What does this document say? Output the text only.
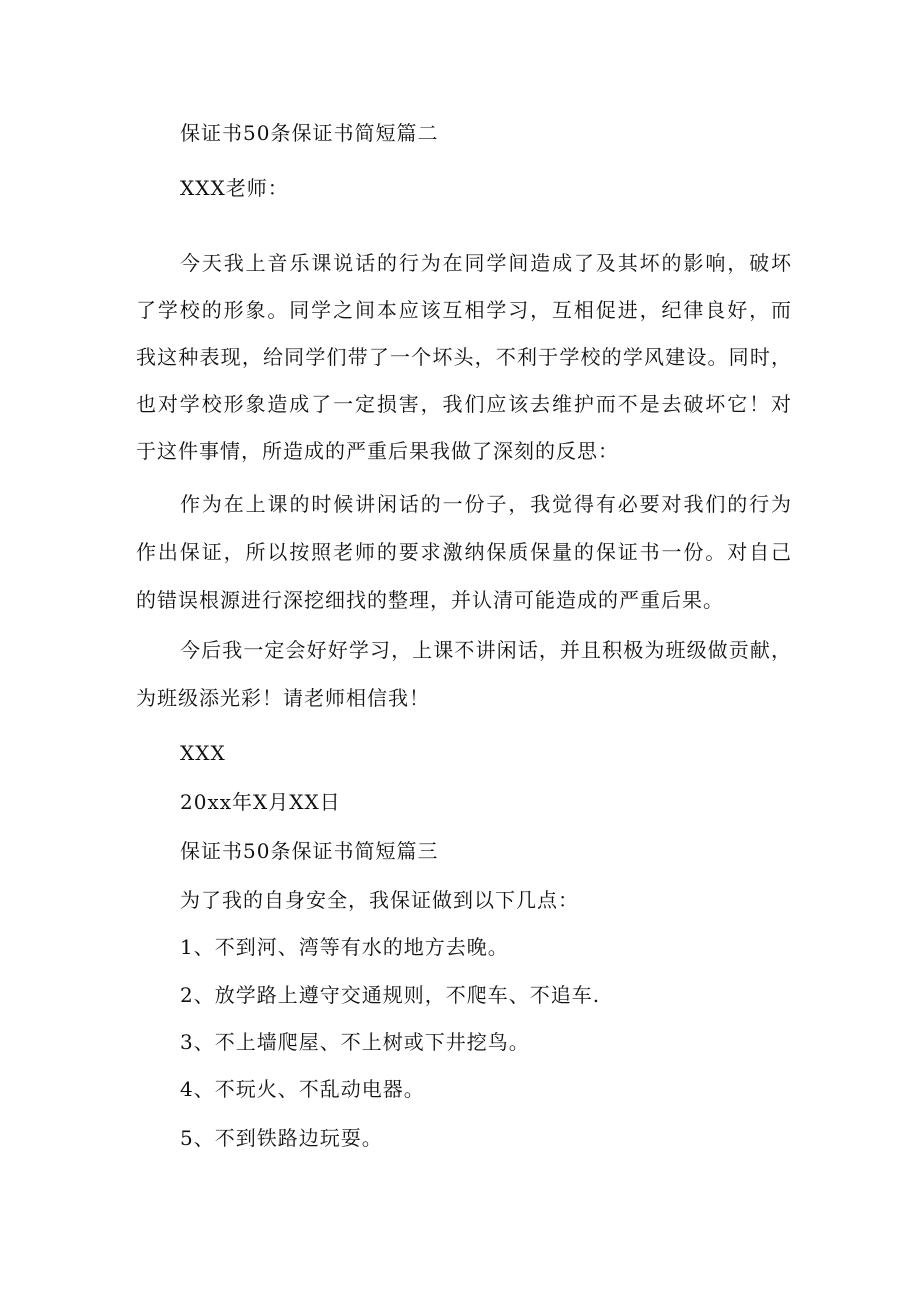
保证书50条保证书简短篇二
XXX老师：
今天我上音乐课说话的行为在同学间造成了及其坏的影响，破坏
了学校的形象。同学之间本应该互相学习，互相促进，纪律良好，而
我这种表现，给同学们带了一个坏头，不利于学校的学风建设。同时，
也对学校形象造成了一定损害，我们应该去维护而不是去破坏它！对
于这件事情，所造成的严重后果我做了深刻的反思：
作为在上课的时候讲闲话的一份子，我觉得有必要对我们的行为
作出保证，所以按照老师的要求激纳保质保量的保证书一份。对自己
的错误根源进行深挖细找的整理，并认清可能造成的严重后果。
今后我一定会好好学习，上课不讲闲话，并且积极为班级做贡献，
为班级添光彩！请老师相信我！
XXX
20xx年X月XX日
保证书50条保证书简短篇三
为了我的自身安全，我保证做到以下几点：
1、不到河、湾等有水的地方去晚。
2、放学路上遵守交通规则，不爬车、不追车.
3、不上墙爬屋、不上树或下井挖鸟。
4、不玩火、不乱动电器。
5、不到铁路边玩耍。
